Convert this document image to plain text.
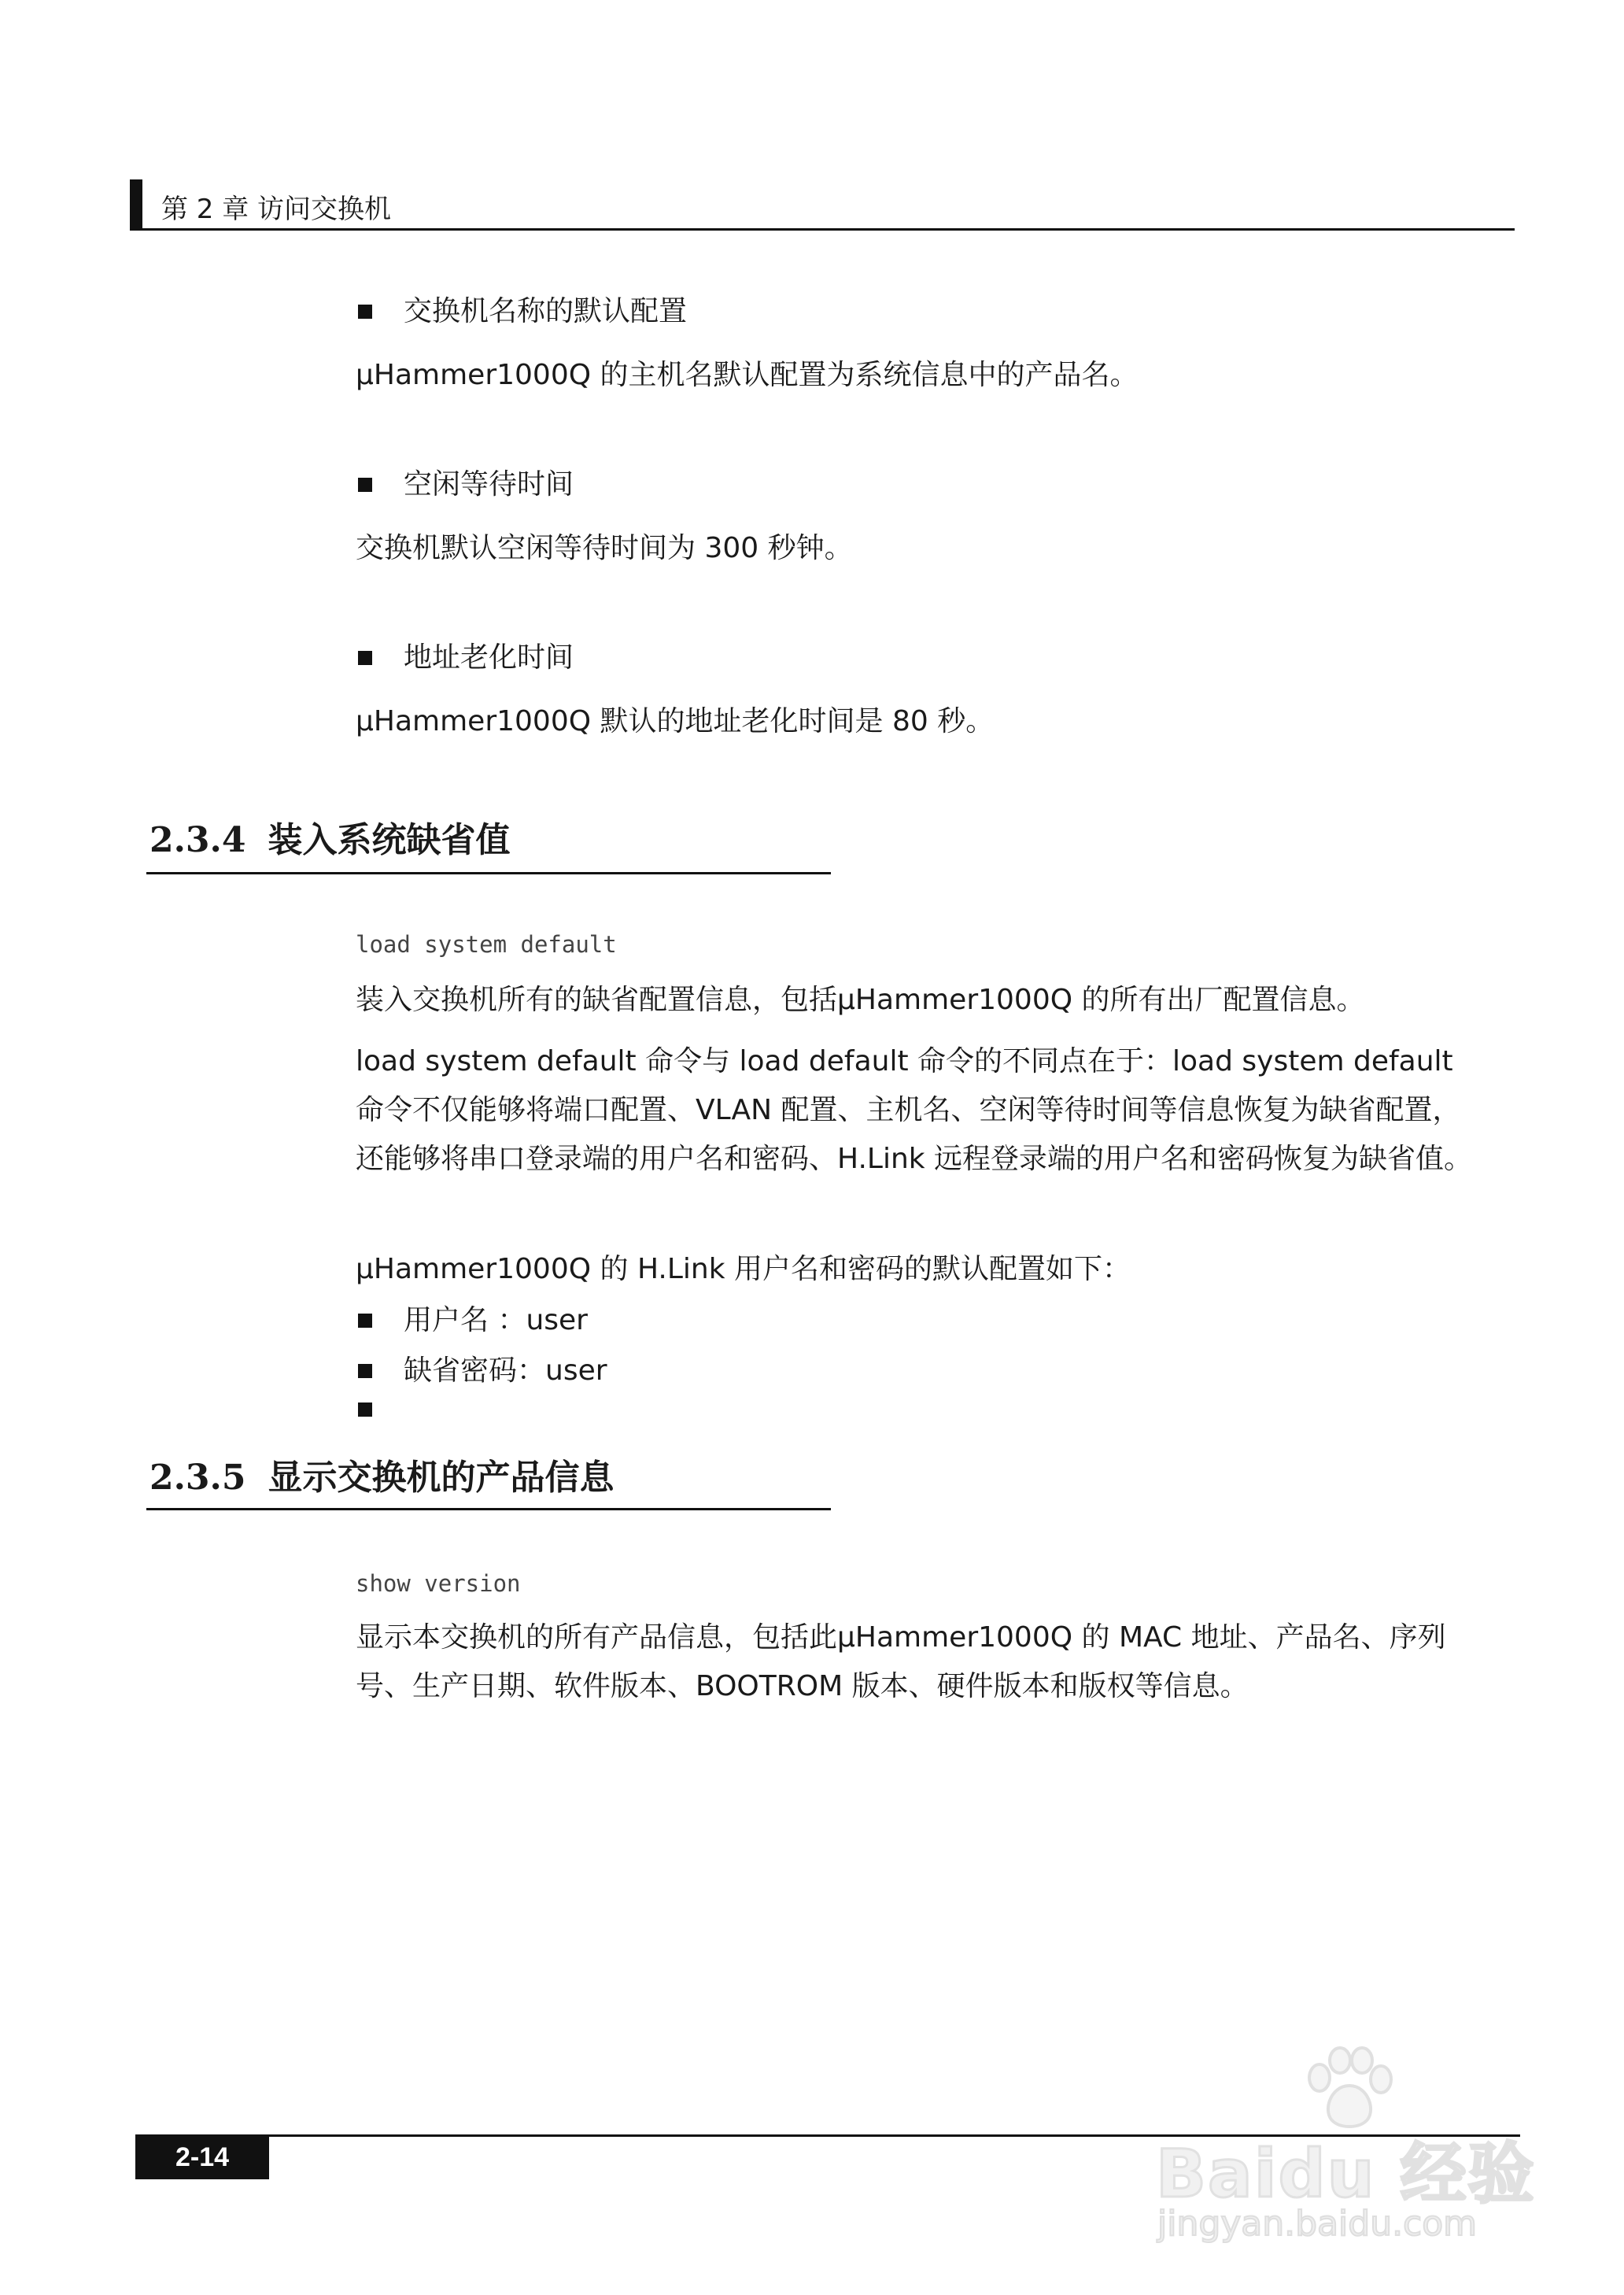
第 2 章 访问交换机
交换机名称的默认配置
μHammer1000Q 的主机名默认配置为系统信息中的产品名。
空闲等待时间
交换机默认空闲等待时间为 300 秒钟。
地址老化时间
μHammer1000Q 默认的地址老化时间是 80 秒。
2.3.4 装入系统缺省值
load system default
装入交换机所有的缺省配置信息，包括μHammer1000Q 的所有出厂配置信息。

load system default 命令与 load default 命令的不同点在于：load system default 命令不仅能够将端口配置、VLAN 配置、主机名、空闲等待时间等信息恢复为缺省配置，还能够将串口登录端的用户名和密码、H.Link 远程登录端的用户名和密码恢复为缺省值。

μHammer1000Q 的 H.Link 用户名和密码的默认配置如下：
用户名 ：user
缺省密码：user
2.3.5 显示交换机的产品信息
show version

显示本交换机的所有产品信息，包括此μHammer1000Q 的 MAC 地址、产品名、序列号、生产日期、软件版本、BOOTROM 版本、硬件版本和版权等信息。

2-14	Baidu 经验
jingyan.baidu.com
